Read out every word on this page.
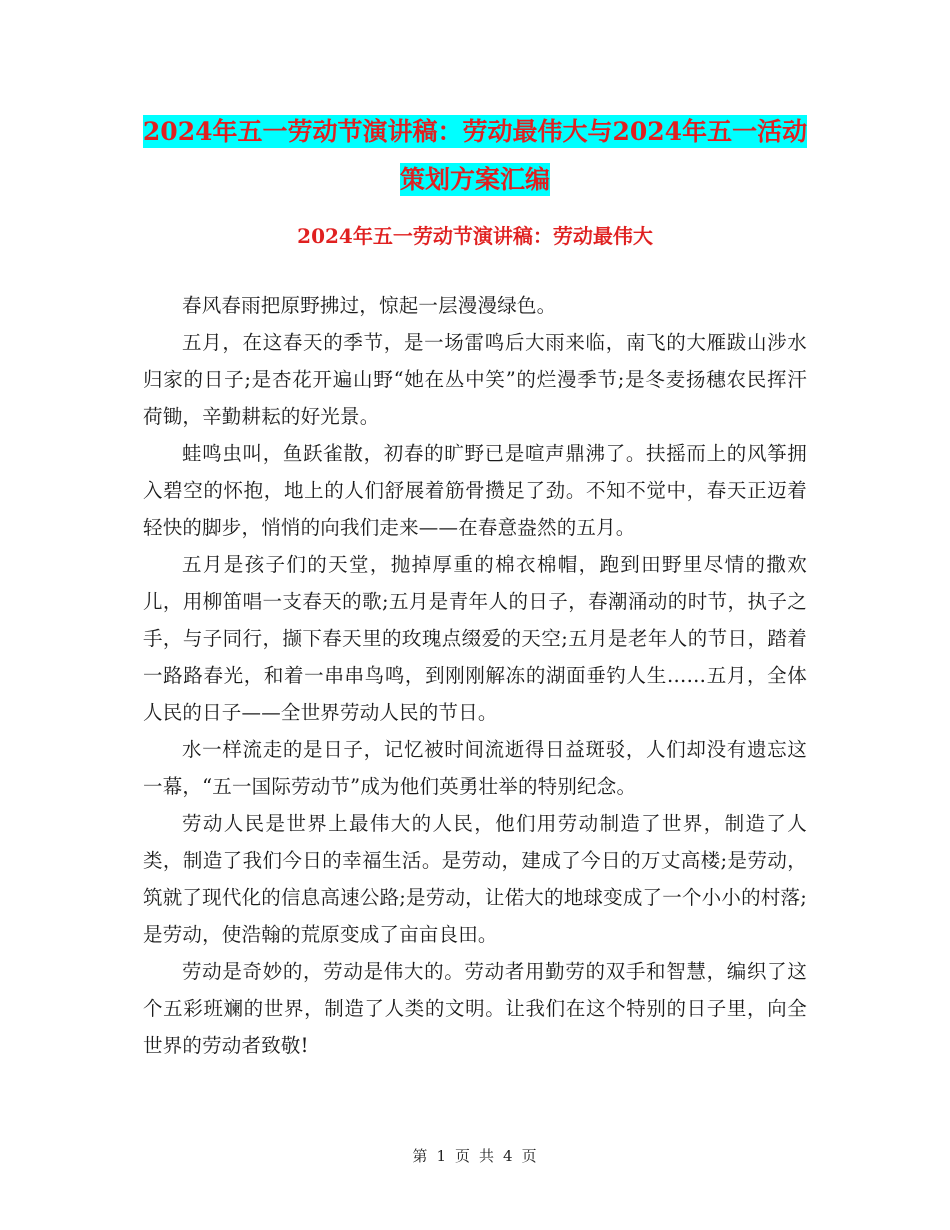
2024年五一劳动节演讲稿：劳动最伟大与2024年五一活动策划方案汇编
2024年五一劳动节演讲稿：劳动最伟大

春风春雨把原野拂过，惊起一层漫漫绿色。

五月，在这春天的季节，是一场雷鸣后大雨来临，南飞的大雁跋山涉水归家的日子;是杏花开遍山野“她在丛中笑”的烂漫季节;是冬麦扬穗农民挥汗荷锄，辛勤耕耘的好光景。

蛙鸣虫叫，鱼跃雀散，初春的旷野已是喧声鼎沸了。扶摇而上的风筝拥入碧空的怀抱，地上的人们舒展着筋骨攒足了劲。不知不觉中，春天正迈着轻快的脚步，悄悄的向我们走来——在春意盎然的五月。

五月是孩子们的天堂，抛掉厚重的棉衣棉帽，跑到田野里尽情的撒欢儿，用柳笛唱一支春天的歌;五月是青年人的日子，春潮涌动的时节，执子之手，与子同行，撷下春天里的玫瑰点缀爱的天空;五月是老年人的节日，踏着一路路春光，和着一串串鸟鸣，到刚刚解冻的湖面垂钓人生……五月，全体人民的日子——全世界劳动人民的节日。

水一样流走的是日子，记忆被时间流逝得日益斑驳，人们却没有遗忘这一幕，“五一国际劳动节”成为他们英勇壮举的特别纪念。

劳动人民是世界上最伟大的人民，他们用劳动制造了世界，制造了人类，制造了我们今日的幸福生活。是劳动，建成了今日的万丈高楼;是劳动，筑就了现代化的信息高速公路;是劳动，让偌大的地球变成了一个小小的村落;是劳动，使浩翰的荒原变成了亩亩良田。

劳动是奇妙的，劳动是伟大的。劳动者用勤劳的双手和智慧，编织了这个五彩班斓的世界，制造了人类的文明。让我们在这个特别的日子里，向全世界的劳动者致敬!

第 1 页 共 4 页
